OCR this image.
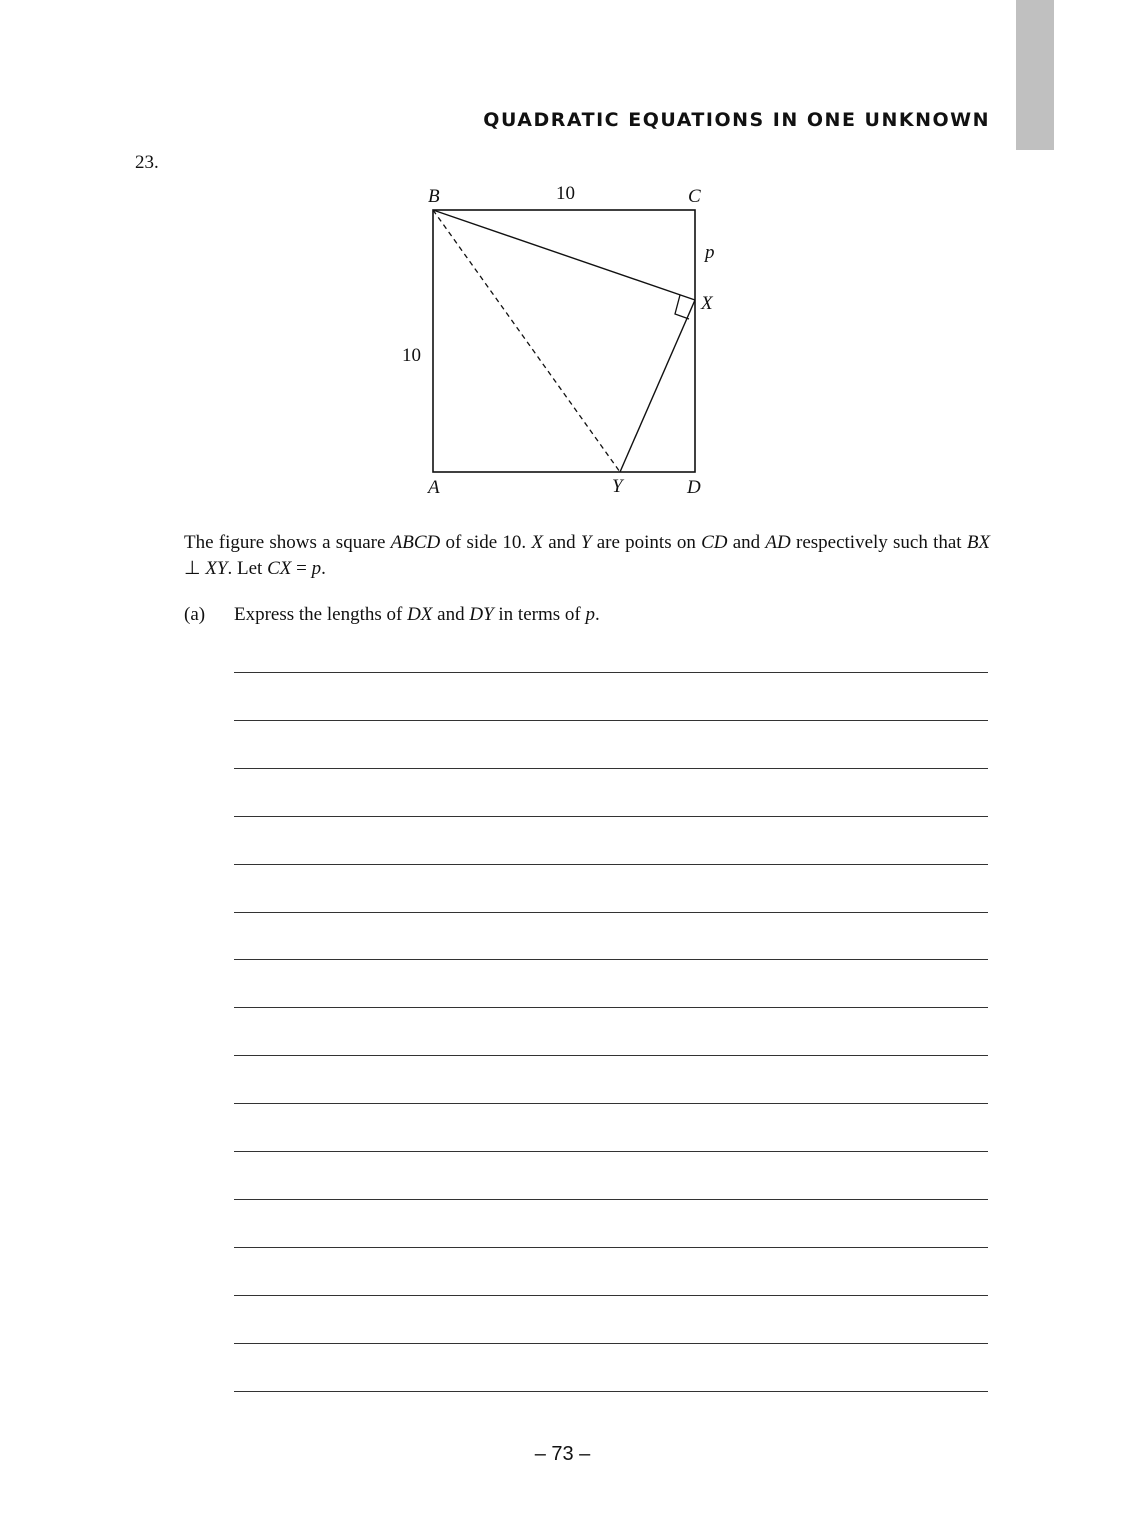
QUADRATIC EQUATIONS IN ONE UNKNOWN
23.
B	10	C
p
X
10
A	Y	D
The figure shows a square ABCD of side 10. X and Y are points on CD and AD respectively such that BX ⊥ XY. Let CX = p.
(a) Express the lengths of DX and DY in terms of p.
– 73 –
